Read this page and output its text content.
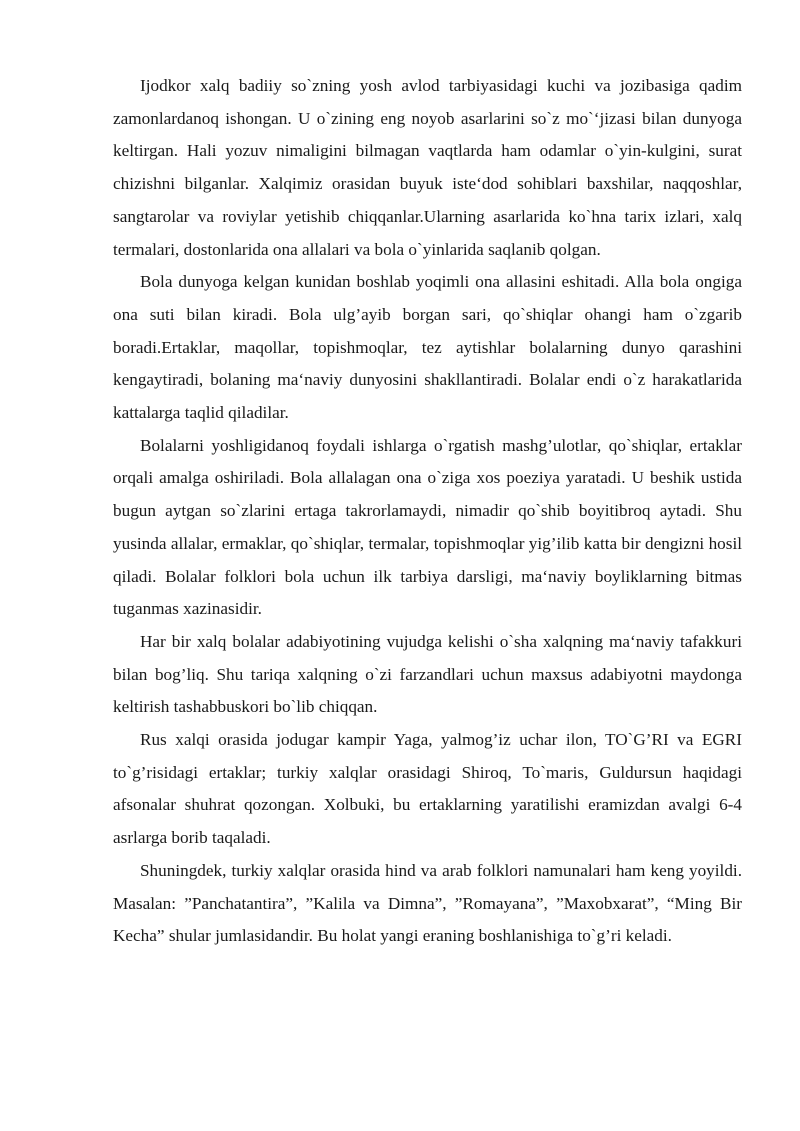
Ijodkor xalq badiiy so`zning yosh avlod tarbiyasidagi kuchi va jozibasiga qadim zamonlardanoq ishongan. U o`zining eng noyob asarlarini so`z mo`‘jizasi bilan dunyoga keltirgan. Hali yozuv nimaligini bilmagan vaqtlarda ham odamlar o`yin-kulgini, surat chizishni bilganlar. Xalqimiz orasidan buyuk iste‘dod sohiblari baxshilar, naqqoshlar, sangtarolar va roviylar yetishib chiqqanlar.Ularning asarlarida ko`hna tarix izlari, xalq termalari, dostonlarida ona allalari va bola o`yinlarida saqlanib qolgan.

Bola dunyoga kelgan kunidan boshlab yoqimli ona allasini eshitadi. Alla bola ongiga ona suti bilan kiradi. Bola ulg’ayib borgan sari, qo`shiqlar ohangi ham o`zgarib boradi.Ertaklar, maqollar, topishmoqlar, tez aytishlar bolalarning dunyo qarashini kengaytiradi, bolaning ma‘naviy dunyosini shakllantiradi. Bolalar endi o`z harakatlarida kattalarga taqlid qiladilar.

Bolalarni yoshligidanoq foydali ishlarga o`rgatish mashg’ulotlar, qo`shiqlar, ertaklar orqali amalga oshiriladi. Bola allalagan ona o`ziga xos poeziya yaratadi. U beshik ustida bugun aytgan so`zlarini ertaga takrorlamaydi, nimadir qo`shib boyitibroq aytadi. Shu yusinda allalar, ermaklar, qo`shiqlar, termalar, topishmoqlar yig’ilib katta bir dengizni hosil qiladi. Bolalar folklori bola uchun ilk tarbiya darsligi, ma‘naviy boyliklarning bitmas tuganmas xazinasidir.

Har bir xalq bolalar adabiyotining vujudga kelishi o`sha xalqning ma‘naviy tafakkuri bilan bog’liq. Shu tariqa xalqning o`zi farzandlari uchun maxsus adabiyotni maydonga keltirish tashabbuskori bo`lib chiqqan.

Rus xalqi orasida jodugar kampir Yaga, yalmog’iz uchar ilon, TO`G’RI va EGRI to`g’risidagi ertaklar; turkiy xalqlar orasidagi Shiroq, To`maris, Guldursun haqidagi afsonalar shuhrat qozongan. Xolbuki, bu ertaklarning yaratilishi eramizdan avalgi 6-4 asrlarga borib taqaladi.

Shuningdek, turkiy xalqlar orasida hind va arab folklori namunalari ham keng yoyildi. Masalan: ”Panchatantira”, ”Kalila va Dimna”, ”Romayana”, ”Maxobxarat”, “Ming Bir Kecha” shular jumlasidandir. Bu holat yangi eraning boshlanishiga to`g’ri keladi.
